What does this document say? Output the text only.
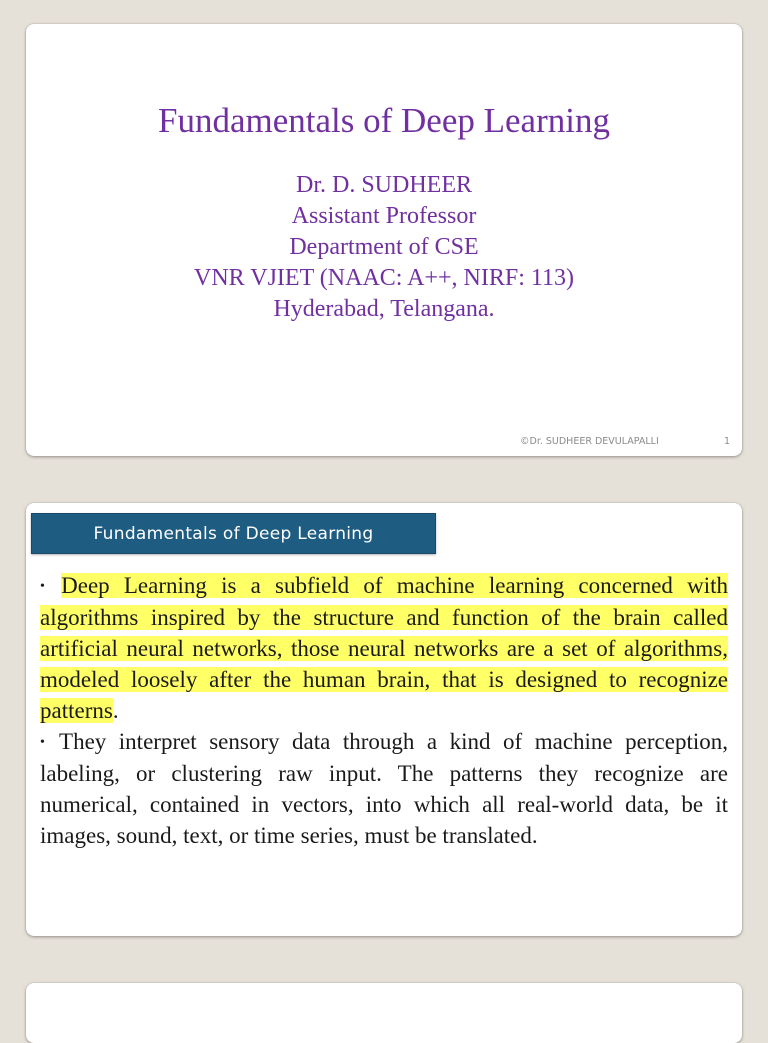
Fundamentals of Deep Learning
Dr. D. SUDHEER
Assistant Professor
Department of CSE
VNR VJIET (NAAC: A++, NIRF: 113)
Hyderabad, Telangana.
©Dr. SUDHEER DEVULAPALLI	1
Fundamentals of Deep Learning

• Deep Learning is a subfield of machine learning concerned with algorithms inspired by the structure and function of the brain called artificial neural networks, those neural networks are a set of algorithms, modeled loosely after the human brain, that is designed to recognize patterns.

• They interpret sensory data through a kind of machine perception, labeling, or clustering raw input. The patterns they recognize are numerical, contained in vectors, into which all real-world data, be it images, sound, text, or time series, must be translated.
